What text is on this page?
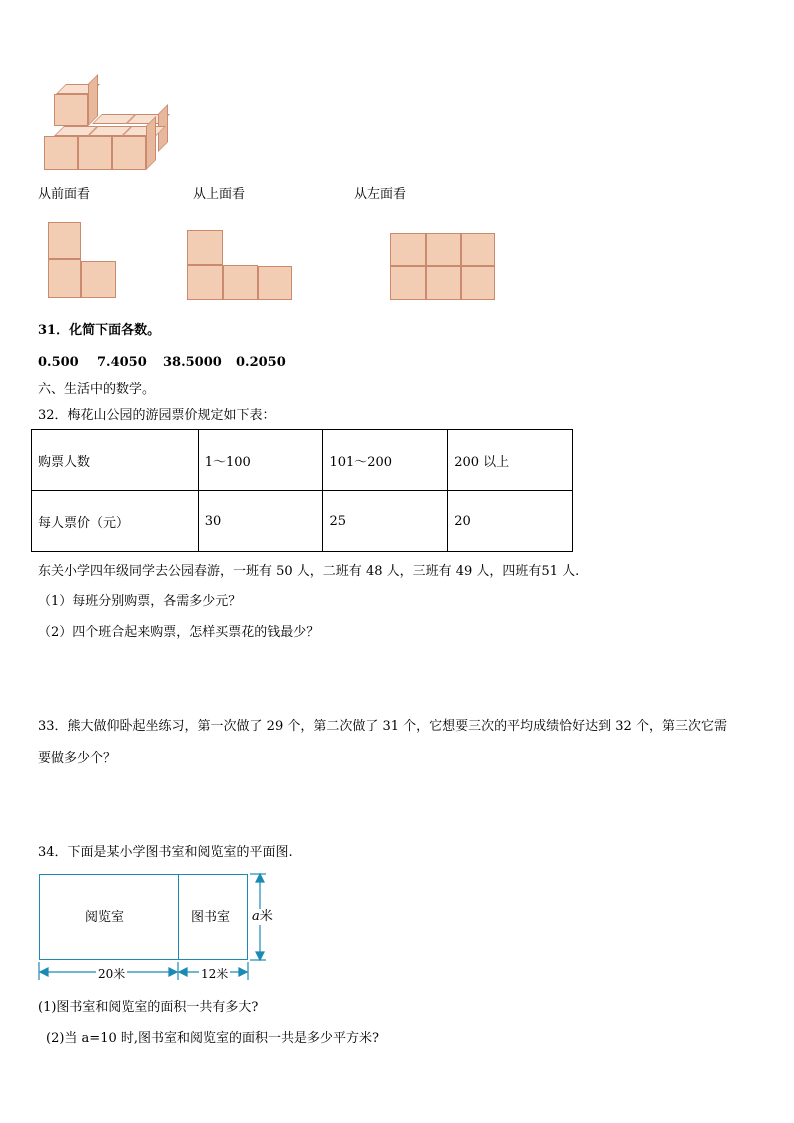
从前面看	从上面看	从左面看
31．化简下面各数。
0.500 7.4050 38.5000 0.2050
六、生活中的数学。
32．梅花山公园的游园票价规定如下表：
购票人数	1～100	101～200	200 以上
每人票价（元）	30	25	20
东关小学四年级同学去公园春游，一班有 50 人，二班有 48 人，三班有 49 人，四班有51 人.
（1）每班分别购票，各需多少元？
（2）四个班合起来购票，怎样买票花的钱最少？
33．熊大做仰卧起坐练习，第一次做了 29 个，第二次做了 31 个，它想要三次的平均成绩恰好达到 32 个，第三次它需
要做多少个？
34．下面是某小学图书室和阅览室的平面图.
阅览室	图书室 a米
20米	12米
(1)图书室和阅览室的面积一共有多大?
(2)当 a=10 时,图书室和阅览室的面积一共是多少平方米?
